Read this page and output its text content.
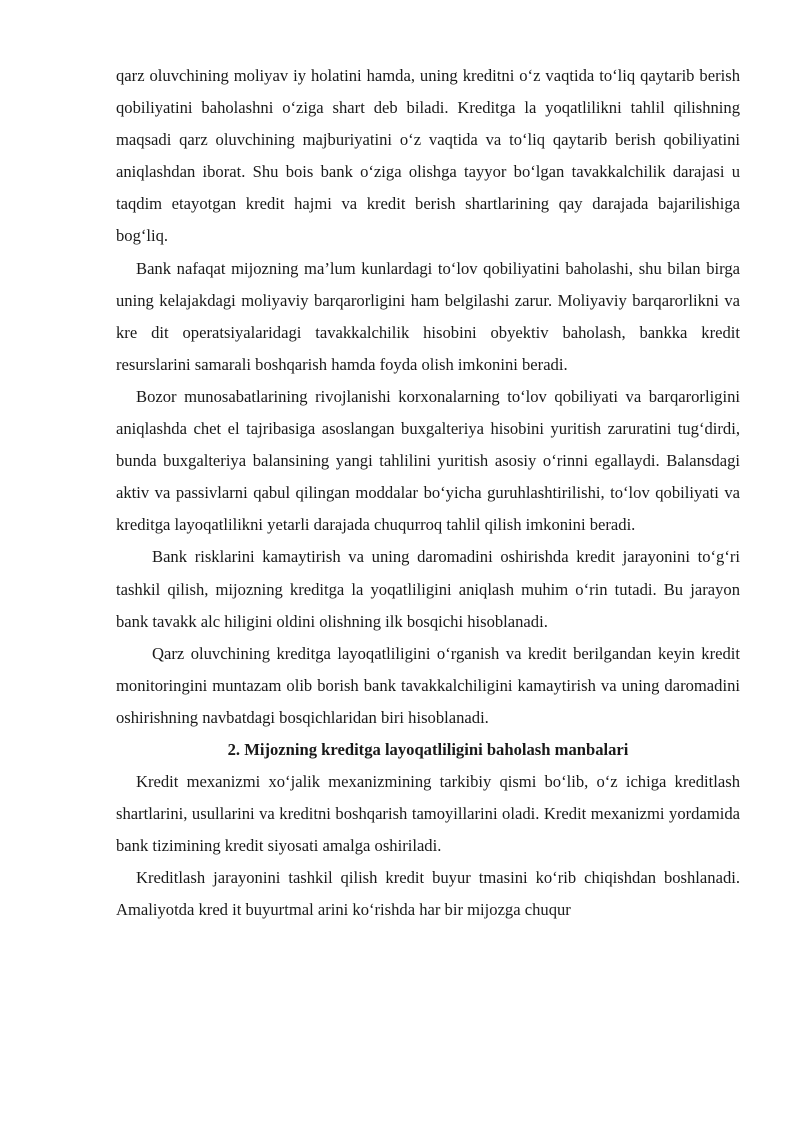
qarz oluvchining moliyav iy holatini hamda, uning kreditni o‘z vaqtida to‘liq qaytarib berish qobiliyatini baholashni o‘ziga shart deb biladi. Kreditga la yoqatlilikni tahlil qilishning maqsadi qarz oluvchining majburiyatini o‘z vaqtida va to‘liq qaytarib berish qobiliyatini aniqlashdan iborat. Shu bois bank o‘ziga olishga tayyor bo‘lgan tavakkalchilik darajasi u taqdim etayotgan kredit hajmi va kredit berish shartlarining qay darajada bajarilishiga bog‘liq.

Bank nafaqat mijozning ma’lum kunlardagi to‘lov qobiliyatini baholashi, shu bilan birga uning kelajakdagi moliyaviy barqarorligini ham belgilashi zarur. Moliyaviy barqarorlikni va kre dit operatsiyalaridagi tavakkalchilik hisobini obyektiv baholash, bankka kredit resurslarini samarali boshqarish hamda foyda olish imkonini beradi.

Bozor munosabatlarining rivojlanishi korxonalarning to‘lov qobiliyati va barqarorligini aniqlashda chet el tajribasiga asoslangan buxgalteriya hisobini yuritish zaruratini tug‘dirdi, bunda buxgalteriya balansining yangi tahlilini yuritish asosiy o‘rinni egallaydi. Balansdagi aktiv va passivlarni qabul qilingan moddalar bo‘yicha guruhlashtirilishi, to‘lov qobiliyati va kreditga layoqatlilikni yetarli darajada chuqurroq tahlil qilish imkonini beradi.

Bank risklarini kamaytirish va uning daromadini oshirishda kredit jarayonini to‘g‘ri tashkil qilish, mijozning kreditga la yoqatliligini aniqlash muhim o‘rin tutadi. Bu jarayon bank tavakk alc hiligini oldini olishning ilk bosqichi hisoblanadi.

Qarz oluvchining kreditga layoqatliligini o‘rganish va kredit berilgandan keyin kredit monitoringini muntazam olib borish bank tavakkalchiligini kamaytirish va uning daromadini oshirishning navbatdagi bosqichlaridan biri hisoblanadi.

2. Mijozning kreditga layoqatliligini baholash manbalari

Kredit mexanizmi xo‘jalik mexanizmining tarkibiy qismi bo‘lib, o‘z ichiga kreditlash shartlarini, usullarini va kreditni boshqarish tamoyillarini oladi. Kredit mexanizmi yordamida bank tizimining kredit siyosati amalga oshiriladi.

Kreditlash jarayonini tashkil qilish kredit buyur tmasini ko‘rib chiqishdan boshlanadi. Amaliyotda kred it buyurtmal arini ko‘rishda har bir mijozga chuqur
